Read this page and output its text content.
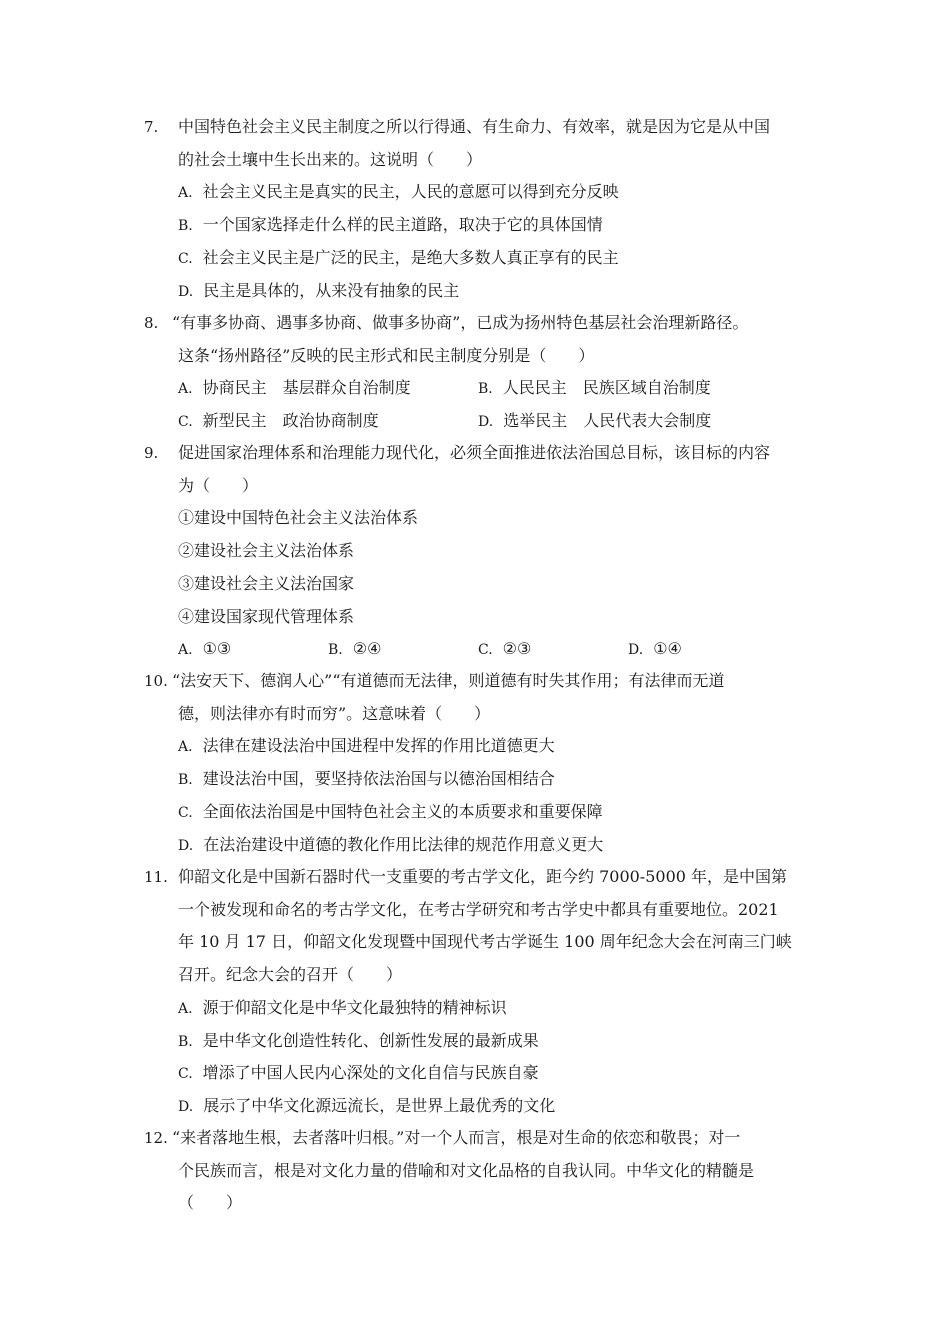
7.	中国特色社会主义民主制度之所以行得通、有生命力、有效率，就是因为它是从中国
的社会土壤中生长出来的。这说明（　　）
A. 社会主义民主是真实的民主，人民的意愿可以得到充分反映
B. 一个国家选择走什么样的民主道路，取决于它的具体国情
C. 社会主义民主是广泛的民主，是绝大多数人真正享有的民主
D. 民主是具体的，从来没有抽象的民主
8. “有事多协商、遇事多协商、做事多协商”，已成为扬州特色基层社会治理新路径。
这条“扬州路径”反映的民主形式和民主制度分别是（　　）
A. 协商民主　基层群众自治制度	B. 人民民主　民族区域自治制度
C. 新型民主　政治协商制度	D. 选举民主　人民代表大会制度
9.	促进国家治理体系和治理能力现代化，必须全面推进依法治国总目标，该目标的内容
为（　　）
①建设中国特色社会主义法治体系
②建设社会主义法治体系
③建设社会主义法治国家
④建设国家现代管理体系
A. ①③	B. ②④	C. ②③	D. ①④
10. “法安天下、德润人心”“有道德而无法律，则道德有时失其作用；有法律而无道
德，则法律亦有时而穷”。这意味着（　　）
A. 法律在建设法治中国进程中发挥的作用比道德更大
B. 建设法治中国，要坚持依法治国与以德治国相结合
C. 全面依法治国是中国特色社会主义的本质要求和重要保障
D. 在法治建设中道德的教化作用比法律的规范作用意义更大
11. 仰韶文化是中国新石器时代一支重要的考古学文化，距今约 7000-5000 年，是中国第
一个被发现和命名的考古学文化，在考古学研究和考古学史中都具有重要地位。2021
年 10 月 17 日，仰韶文化发现暨中国现代考古学诞生 100 周年纪念大会在河南三门峡
召开。纪念大会的召开（　　）
A. 源于仰韶文化是中华文化最独特的精神标识
B. 是中华文化创造性转化、创新性发展的最新成果
C. 增添了中国人民内心深处的文化自信与民族自豪
D. 展示了中华文化源远流长，是世界上最优秀的文化
12. “来者落地生根，去者落叶归根。”对一个人而言，根是对生命的依恋和敬畏；对一
个民族而言，根是对文化力量的借喻和对文化品格的自我认同。中华文化的精髓是
（　　）
